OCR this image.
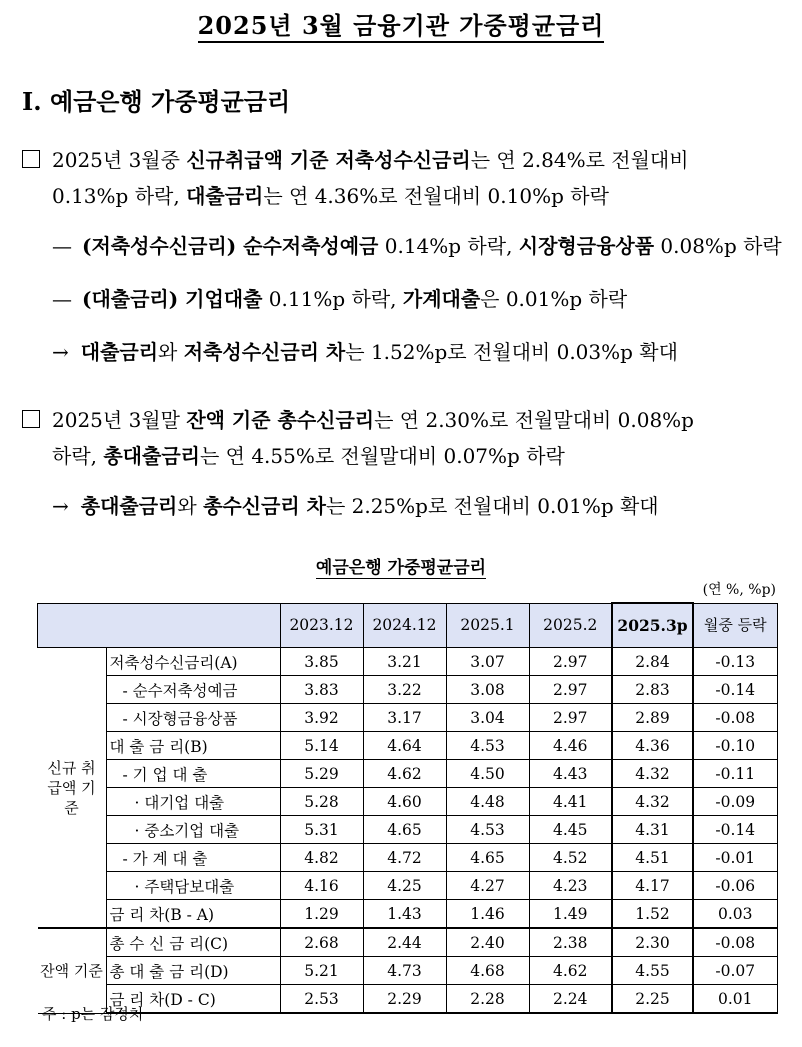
2025년 3월 금융기관 가중평균금리
Ⅰ. 예금은행 가중평균금리
2025년 3월중 신규취급액 기준 저축성수신금리는 연 2.84%로 전월대비
0.13%p 하락, 대출금리는 연 4.36%로 전월대비 0.10%p 하락
— (저축성수신금리) 순수저축성예금 0.14%p 하락, 시장형금융상품 0.08%p 하락
— (대출금리) 기업대출 0.11%p 하락, 가계대출은 0.01%p 하락
→ 대출금리와 저축성수신금리 차는 1.52%p로 전월대비 0.03%p 확대
2025년 3월말 잔액 기준 총수신금리는 연 2.30%로 전월말대비 0.08%p
하락, 총대출금리는 연 4.55%로 전월말대비 0.07%p 하락
→ 총대출금리와 총수신금리 차는 2.25%p로 전월대비 0.01%p 확대
예금은행 가중평균금리
(연 %, %p)
		2023.12	2024.12	2025.1	2025.2	2025.3p	월중 등락
신규 취급액 기준	저축성수신금리(A)	3.85	3.21	3.07	2.97	2.84	-0.13
	- 순수저축성예금	3.83	3.22	3.08	2.97	2.83	-0.14
	- 시장형금융상품	3.92	3.17	3.04	2.97	2.89	-0.08
	대 출 금 리(B)	5.14	4.64	4.53	4.46	4.36	-0.10
	- 기 업 대 출	5.29	4.62	4.50	4.43	4.32	-0.11
	· 대기업 대출	5.28	4.60	4.48	4.41	4.32	-0.09
	· 중소기업 대출	5.31	4.65	4.53	4.45	4.31	-0.14
	- 가 계 대 출	4.82	4.72	4.65	4.52	4.51	-0.01
	· 주택담보대출	4.16	4.25	4.27	4.23	4.17	-0.06
	금 리 차(B - A)	1.29	1.43	1.46	1.49	1.52	0.03
잔액 기준	총 수 신 금 리(C)	2.68	2.44	2.40	2.38	2.30	-0.08
	총 대 출 금 리(D)	5.21	4.73	4.68	4.62	4.55	-0.07
	금 리 차(D - C)	2.53	2.29	2.28	2.24	2.25	0.01
주 : p는 잠정치
